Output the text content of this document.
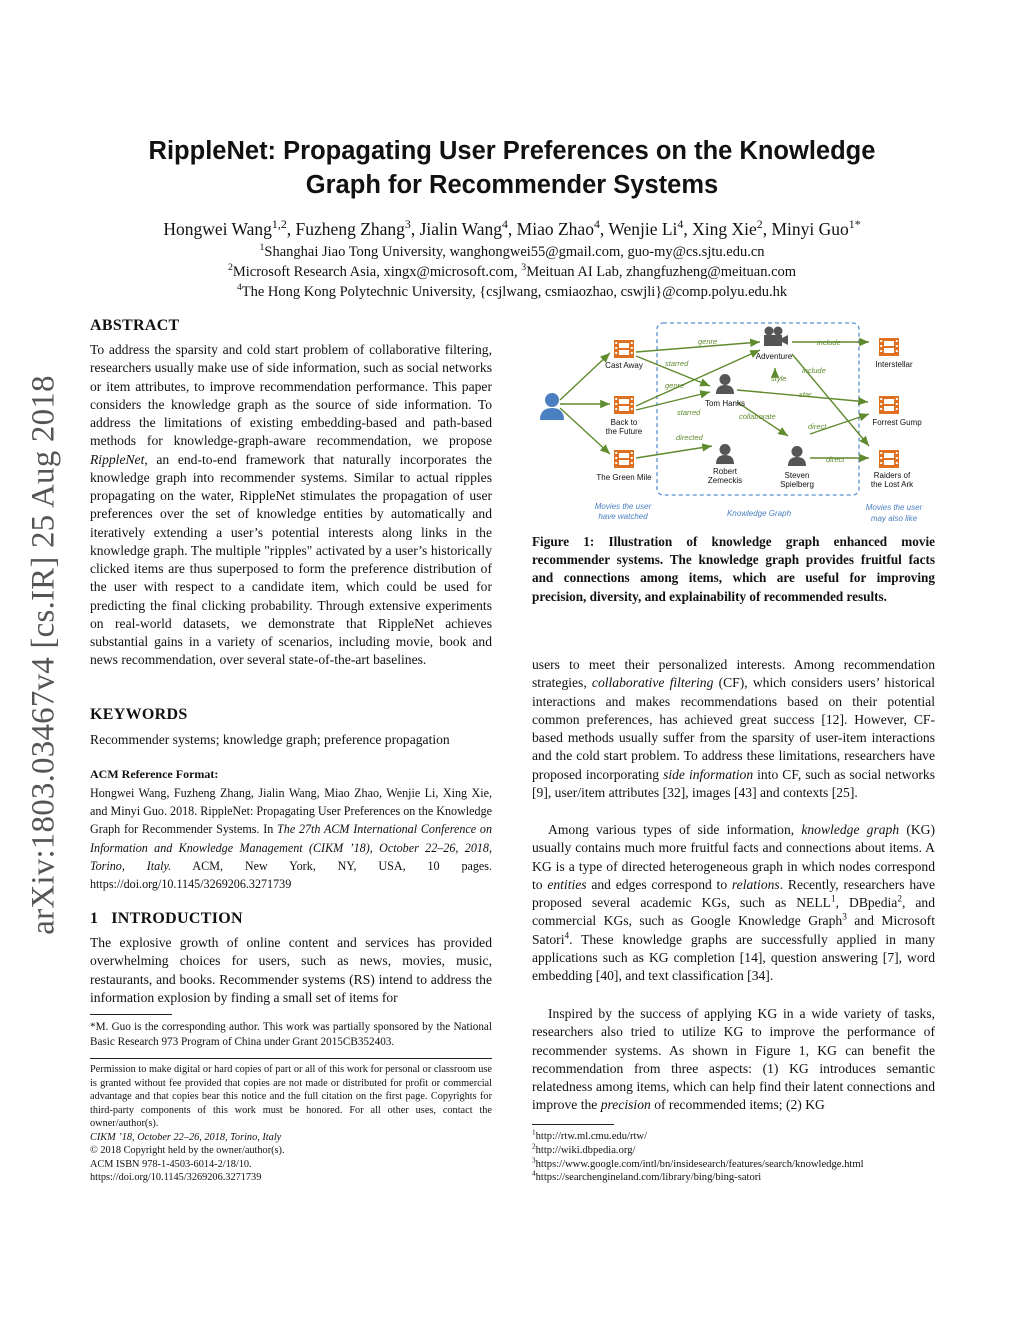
arXiv:1803.03467v4 [cs.IR] 25 Aug 2018
RippleNet: Propagating User Preferences on the Knowledge
Graph for Recommender Systems
Hongwei Wang$^{1,2}$, Fuzheng Zhang$^3$, Jialin Wang$^4$, Miao Zhao$^4$, Wenjie Li$^4$, Xing Xie$^2$, Minyi Guo$^{1*}$
$^1$Shanghai Jiao Tong University, wanghongwei55@gmail.com, guo-my@cs.sjtu.edu.cn
$^2$Microsoft Research Asia, xingx@microsoft.com, $^3$Meituan AI Lab, zhangfuzheng@meituan.com
$^4$The Hong Kong Polytechnic University, {csjlwang, csmiaozhao, cswjli}@comp.polyu.edu.hk
ABSTRACT
To address the sparsity and cold start problem of collaborative filtering, researchers usually make use of side information, such as social networks or item attributes, to improve recommendation performance. This paper considers the knowledge graph as the source of side information. To address the limitations of existing embedding-based and path-based methods for knowledge-graph-aware recommendation, we propose RippleNet, an end-to-end framework that naturally incorporates the knowledge graph into recommender systems. Similar to actual ripples propagating on the water, RippleNet stimulates the propagation of user preferences over the set of knowledge entities by automatically and iteratively extending a user’s potential interests along links in the knowledge graph. The multiple "ripples" activated by a user’s historically clicked items are thus superposed to form the preference distribution of the user with respect to a candidate item, which could be used for predicting the final clicking probability. Through extensive experiments on real-world datasets, we demonstrate that RippleNet achieves substantial gains in a variety of scenarios, including movie, book and news recommendation, over several state-of-the-art baselines.
KEYWORDS
Recommender systems; knowledge graph; preference propagation
ACM Reference Format:
Hongwei Wang, Fuzheng Zhang, Jialin Wang, Miao Zhao, Wenjie Li, Xing Xie, and Minyi Guo. 2018. RippleNet: Propagating User Preferences on the Knowledge Graph for Recommender Systems. In The 27th ACM International Conference on Information and Knowledge Management (CIKM ’18), October 22–26, 2018, Torino, Italy. ACM, New York, NY, USA, 10 pages. https://doi.org/10.1145/3269206.3271739
1 INTRODUCTION
The explosive growth of online content and services has provided overwhelming choices for users, such as news, movies, music, restaurants, and books. Recommender systems (RS) intend to address the information explosion by finding a small set of items for
*M. Guo is the corresponding author. This work was partially sponsored by the National Basic Research 973 Program of China under Grant 2015CB352403.
Permission to make digital or hard copies of part or all of this work for personal or classroom use is granted without fee provided that copies are not made or distributed for profit or commercial advantage and that copies bear this notice and the full citation on the first page. Copyrights for third-party components of this work must be honored. For all other uses, contact the owner/author(s).
CIKM ’18, October 22–26, 2018, Torino, Italy
© 2018 Copyright held by the owner/author(s).
ACM ISBN 978-1-4503-6014-2/18/10.
https://doi.org/10.1145/3269206.3271739
Cast Away
Back to
the Future
The Green Mile
Tom Hanks
Robert
Zemeckis
Steven
Spielberg
Adventure
Interstellar
Forrest Gump
Raiders of
the Lost Ark
genre
starred
genre
starred
directed
include
include
style
star
collaborate
direct
direct
Movies the user
have watched	Knowledge Graph
Movies the user
may also like
Figure 1: Illustration of knowledge graph enhanced movie recommender systems. The knowledge graph provides fruitful facts and connections among items, which are useful for improving precision, diversity, and explainability of recommended results.
users to meet their personalized interests. Among recommendation strategies, collaborative filtering (CF), which considers users’ historical interactions and makes recommendations based on their potential common preferences, has achieved great success [12]. However, CF-based methods usually suffer from the sparsity of user-item interactions and the cold start problem. To address these limitations, researchers have proposed incorporating side information into CF, such as social networks [9], user/item attributes [32], images [43] and contexts [25].
Among various types of side information, knowledge graph (KG) usually contains much more fruitful facts and connections about items. A KG is a type of directed heterogeneous graph in which nodes correspond to entities and edges correspond to relations. Recently, researchers have proposed several academic KGs, such as NELL$^1$, DBpedia$^2$, and commercial KGs, such as Google Knowledge Graph$^3$ and Microsoft Satori$^4$. These knowledge graphs are successfully applied in many applications such as KG completion [14], question answering [7], word embedding [40], and text classification [34].
Inspired by the success of applying KG in a wide variety of tasks, researchers also tried to utilize KG to improve the performance of recommender systems. As shown in Figure 1, KG can benefit the recommendation from three aspects: (1) KG introduces semantic relatedness among items, which can help find their latent connections and improve the precision of recommended items; (2) KG
$^1$http://rtw.ml.cmu.edu/rtw/
$^2$http://wiki.dbpedia.org/
$^3$https://www.google.com/intl/bn/insidesearch/features/search/knowledge.html
$^4$https://searchengineland.com/library/bing/bing-satori
